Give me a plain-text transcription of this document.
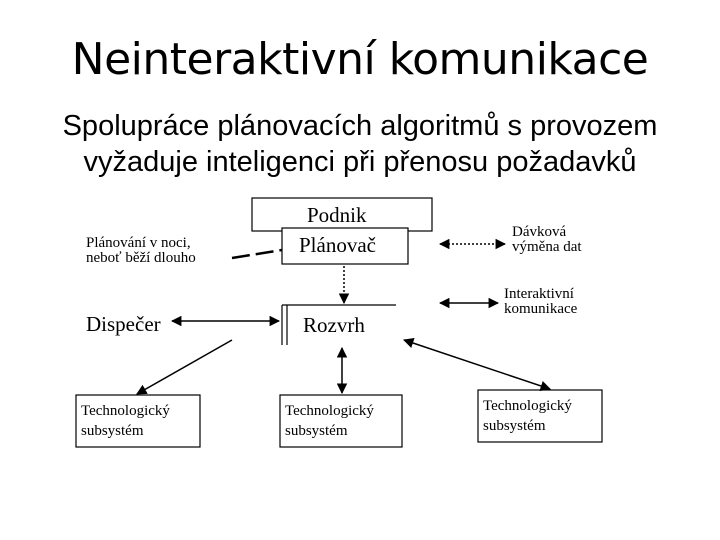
Neinteraktivní komunikace
Spolupráce plánovacích algoritmů s provozem
vyžaduje inteligenci při přenosu požadavků
Plánování v noci,
neboť běží dlouho
Podnik
Plánovač
Dispečer	Rozvrh
Dávková
výměna dat
Interaktivní
komunikace
Technologický
subsystém
Technologický
subsystém
Technologický
subsystém
